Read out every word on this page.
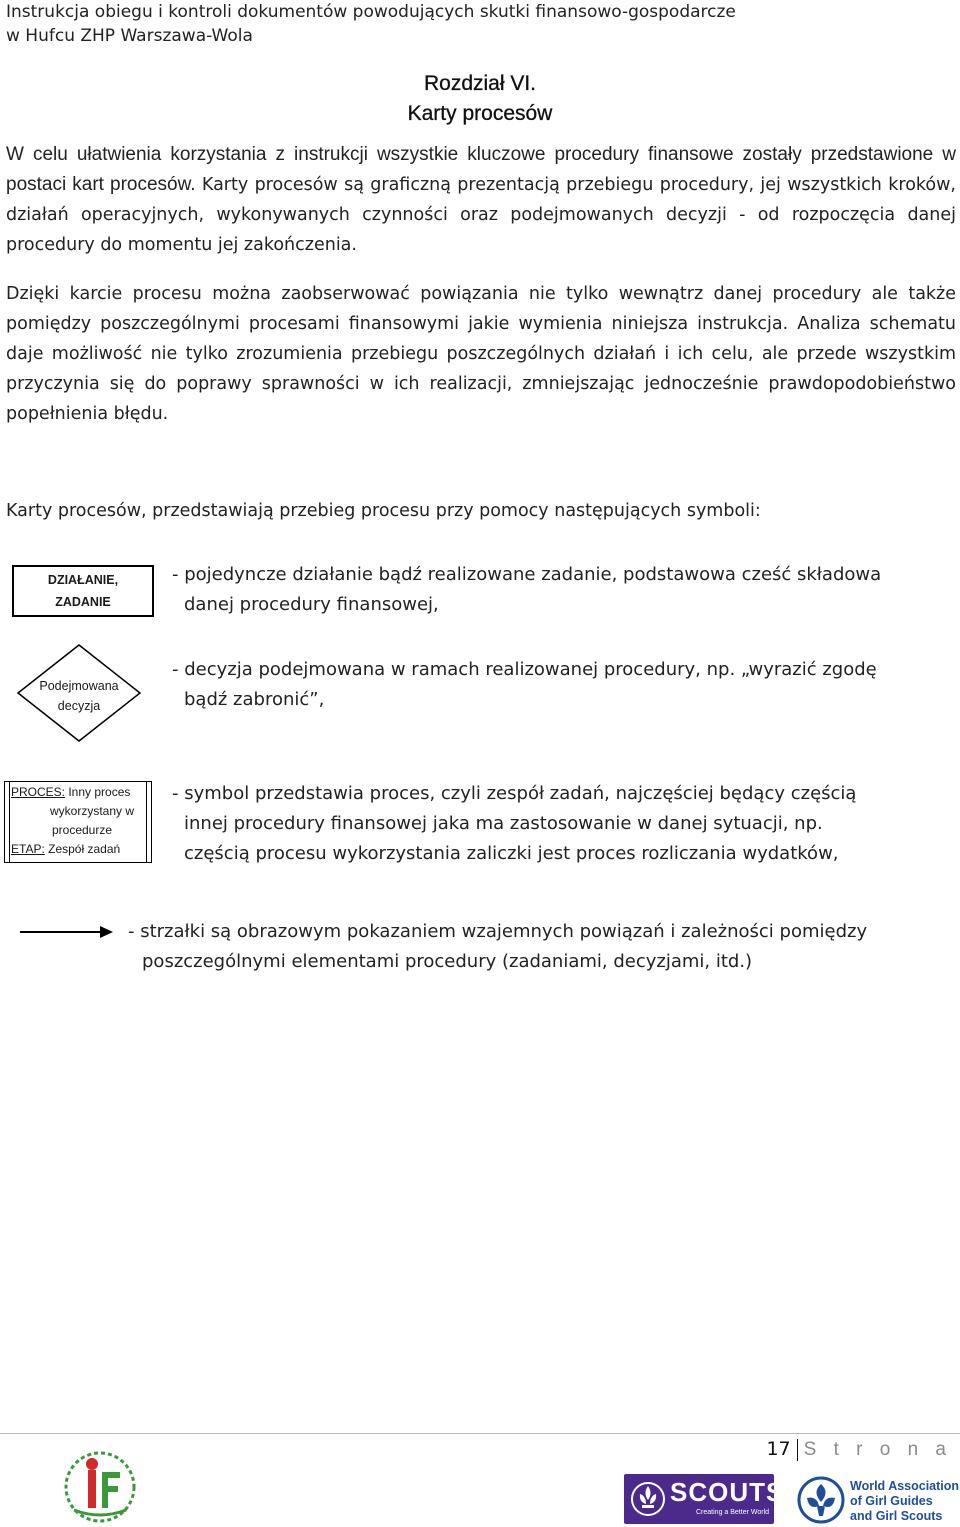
Instrukcja obiegu i kontroli dokumentów powodujących skutki finansowo-gospodarcze
w Hufcu ZHP Warszawa-Wola
Rozdział VI.
Karty procesów
W celu ułatwienia korzystania z instrukcji wszystkie kluczowe procedury finansowe zostały przedstawione w postaci kart procesów. Karty procesów są graficzną prezentacją przebiegu procedury, jej wszystkich kroków, działań operacyjnych, wykonywanych czynności oraz podejmowanych decyzji - od rozpoczęcia danej procedury do momentu jej zakończenia.
Dzięki karcie procesu można zaobserwować powiązania nie tylko wewnątrz danej procedury ale także pomiędzy poszczególnymi procesami finansowymi jakie wymienia niniejsza instrukcja. Analiza schematu daje możliwość nie tylko zrozumienia przebiegu poszczególnych działań i ich celu, ale przede wszystkim przyczynia się do poprawy sprawności w ich realizacji, zmniejszając jednocześnie prawdopodobieństwo popełnienia błędu.
Karty procesów, przedstawiają przebieg procesu przy pomocy następujących symboli:
DZIAŁANIE,
ZADANIE
- pojedyncze działanie bądź realizowane zadanie, podstawowa cześć składowa
danej procedury finansowej,
Podejmowana
decyzja
- decyzja podejmowana w ramach realizowanej procedury, np. „wyrazić zgodę
bądź zabronić”,
PROCES: Inny proces
wykorzystany w
procedurze
ETAP: Zespół zadań
- symbol przedstawia proces, czyli zespół zadań, najczęściej będący częścią
innej procedury finansowej jaka ma zastosowanie w danej sytuacji, np.
częścią procesu wykorzystania zaliczki jest proces rozliczania wydatków,
- strzałki są obrazowym pokazaniem wzajemnych powiązań i zależności pomiędzy
poszczególnymi elementami procedury (zadaniami, decyzjami, itd.)
17 S t r o n a
SCOUTS
Creating a Better World
World Association
of Girl Guides
and Girl Scouts
